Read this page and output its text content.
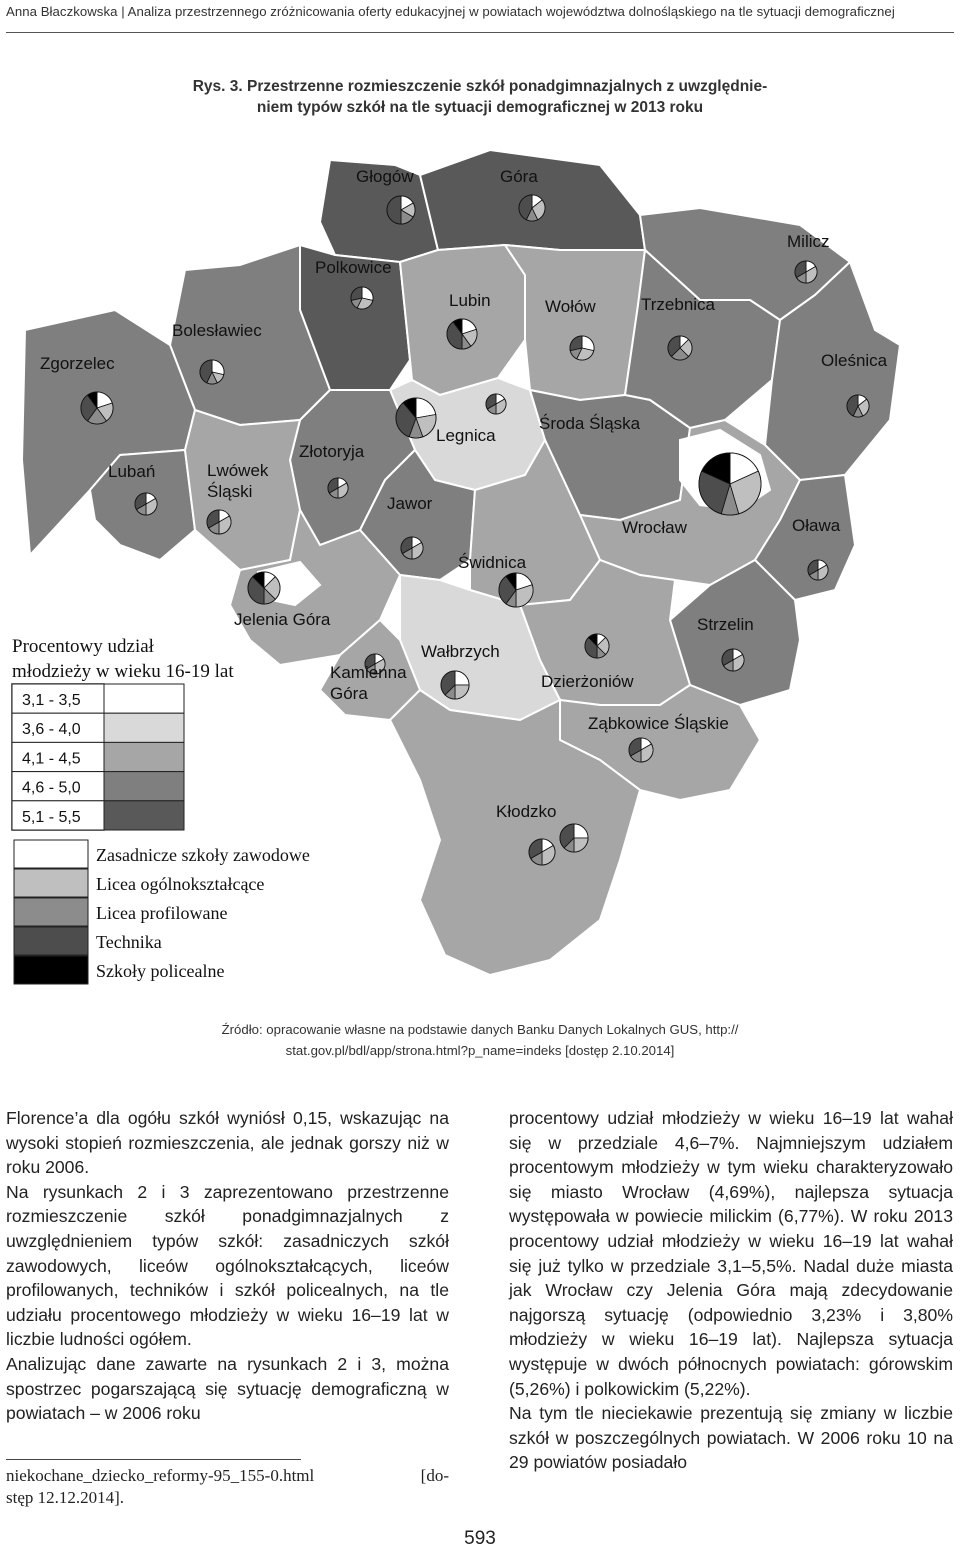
Anna Błaczkowska | Analiza przestrzennego zróżnicowania oferty edukacyjnej w powiatach województwa dolnośląskiego na tle sytuacji demograficznej
Rys. 3. Przestrzenne rozmieszczenie szkół ponadgimnazjalnych z uwzględnie-
niem typów szkół na tle sytuacji demograficznej w 2013 roku
Głogów	Góra
Milicz
Polkowice
Lubin	Wołów	Trzebnica
Bolesławiec
Zgorzelec	Oleśnica
Legnica
Środa Śląska
Złotoryja
Lubań	Lwówek
Śląski
Jawor
Wrocław	Oława
Świdnica
Jelenia Góra	Strzelin
Wałbrzych
Kamienna
Góra
Dzierżoniów
Ząbkowice Śląskie
Kłodzko
Procentowy udział
młodzieży w wieku 16-19 lat
3,1 - 3,5
3,6 - 4,0
4,1 - 4,5
4,6 - 5,0
5,1 - 5,5
Zasadnicze szkoły zawodowe
Licea ogólnokształcące
Licea profilowane
Technika
Szkoły policealne
Źródło: opracowanie własne na podstawie danych Banku Danych Lokalnych GUS, http://
stat.gov.pl/bdl/app/strona.html?p_name=indeks [dostęp 2.10.2014]

Florence’a dla ogółu szkół wyniósł 0,15, wskazując na wysoki stopień rozmieszczenia, ale jednak gorszy niż w roku 2006.

Na rysunkach 2 i 3 zaprezentowano przestrzenne rozmieszczenie szkół ponadgimnazjalnych z uwzględnieniem typów szkół: zasadniczych szkół zawodowych, liceów ogólnokształcących, liceów profilowanych, techników i szkół policealnych, na tle udziału procentowego młodzieży w wieku 16–19 lat w liczbie ludności ogółem.

Analizując dane zawarte na rysunkach 2 i 3, można spostrzec pogarszającą się sytuację demograficzną w powiatach – w 2006 roku

procentowy udział młodzieży w wieku 16–19 lat wahał się w przedziale 4,6–7%. Najmniejszym udziałem procentowym młodzieży w tym wieku charakteryzowało się miasto Wrocław (4,69%), najlepsza sytuacja występowała w powiecie milickim (6,77%). W roku 2013 procentowy udział młodzieży w wieku 16–19 lat wahał się już tylko w przedziale 3,1–5,5%. Nadal duże miasta jak Wrocław czy Jelenia Góra mają zdecydowanie najgorszą sytuację (odpowiednio 3,23% i 3,80% młodzieży w wieku 16–19 lat). Najlepsza sytuacja występuje w dwóch północnych powiatach: górowskim (5,26%) i polkowickim (5,22%).

Na tym tle nieciekawie prezentują się zmiany w liczbie szkół w poszczególnych powiatach. W 2006 roku 10 na 29 powiatów posiadało

niekochane_dziecko_reformy-95_155-0.html	[do-
stęp 12.12.2014].
593
